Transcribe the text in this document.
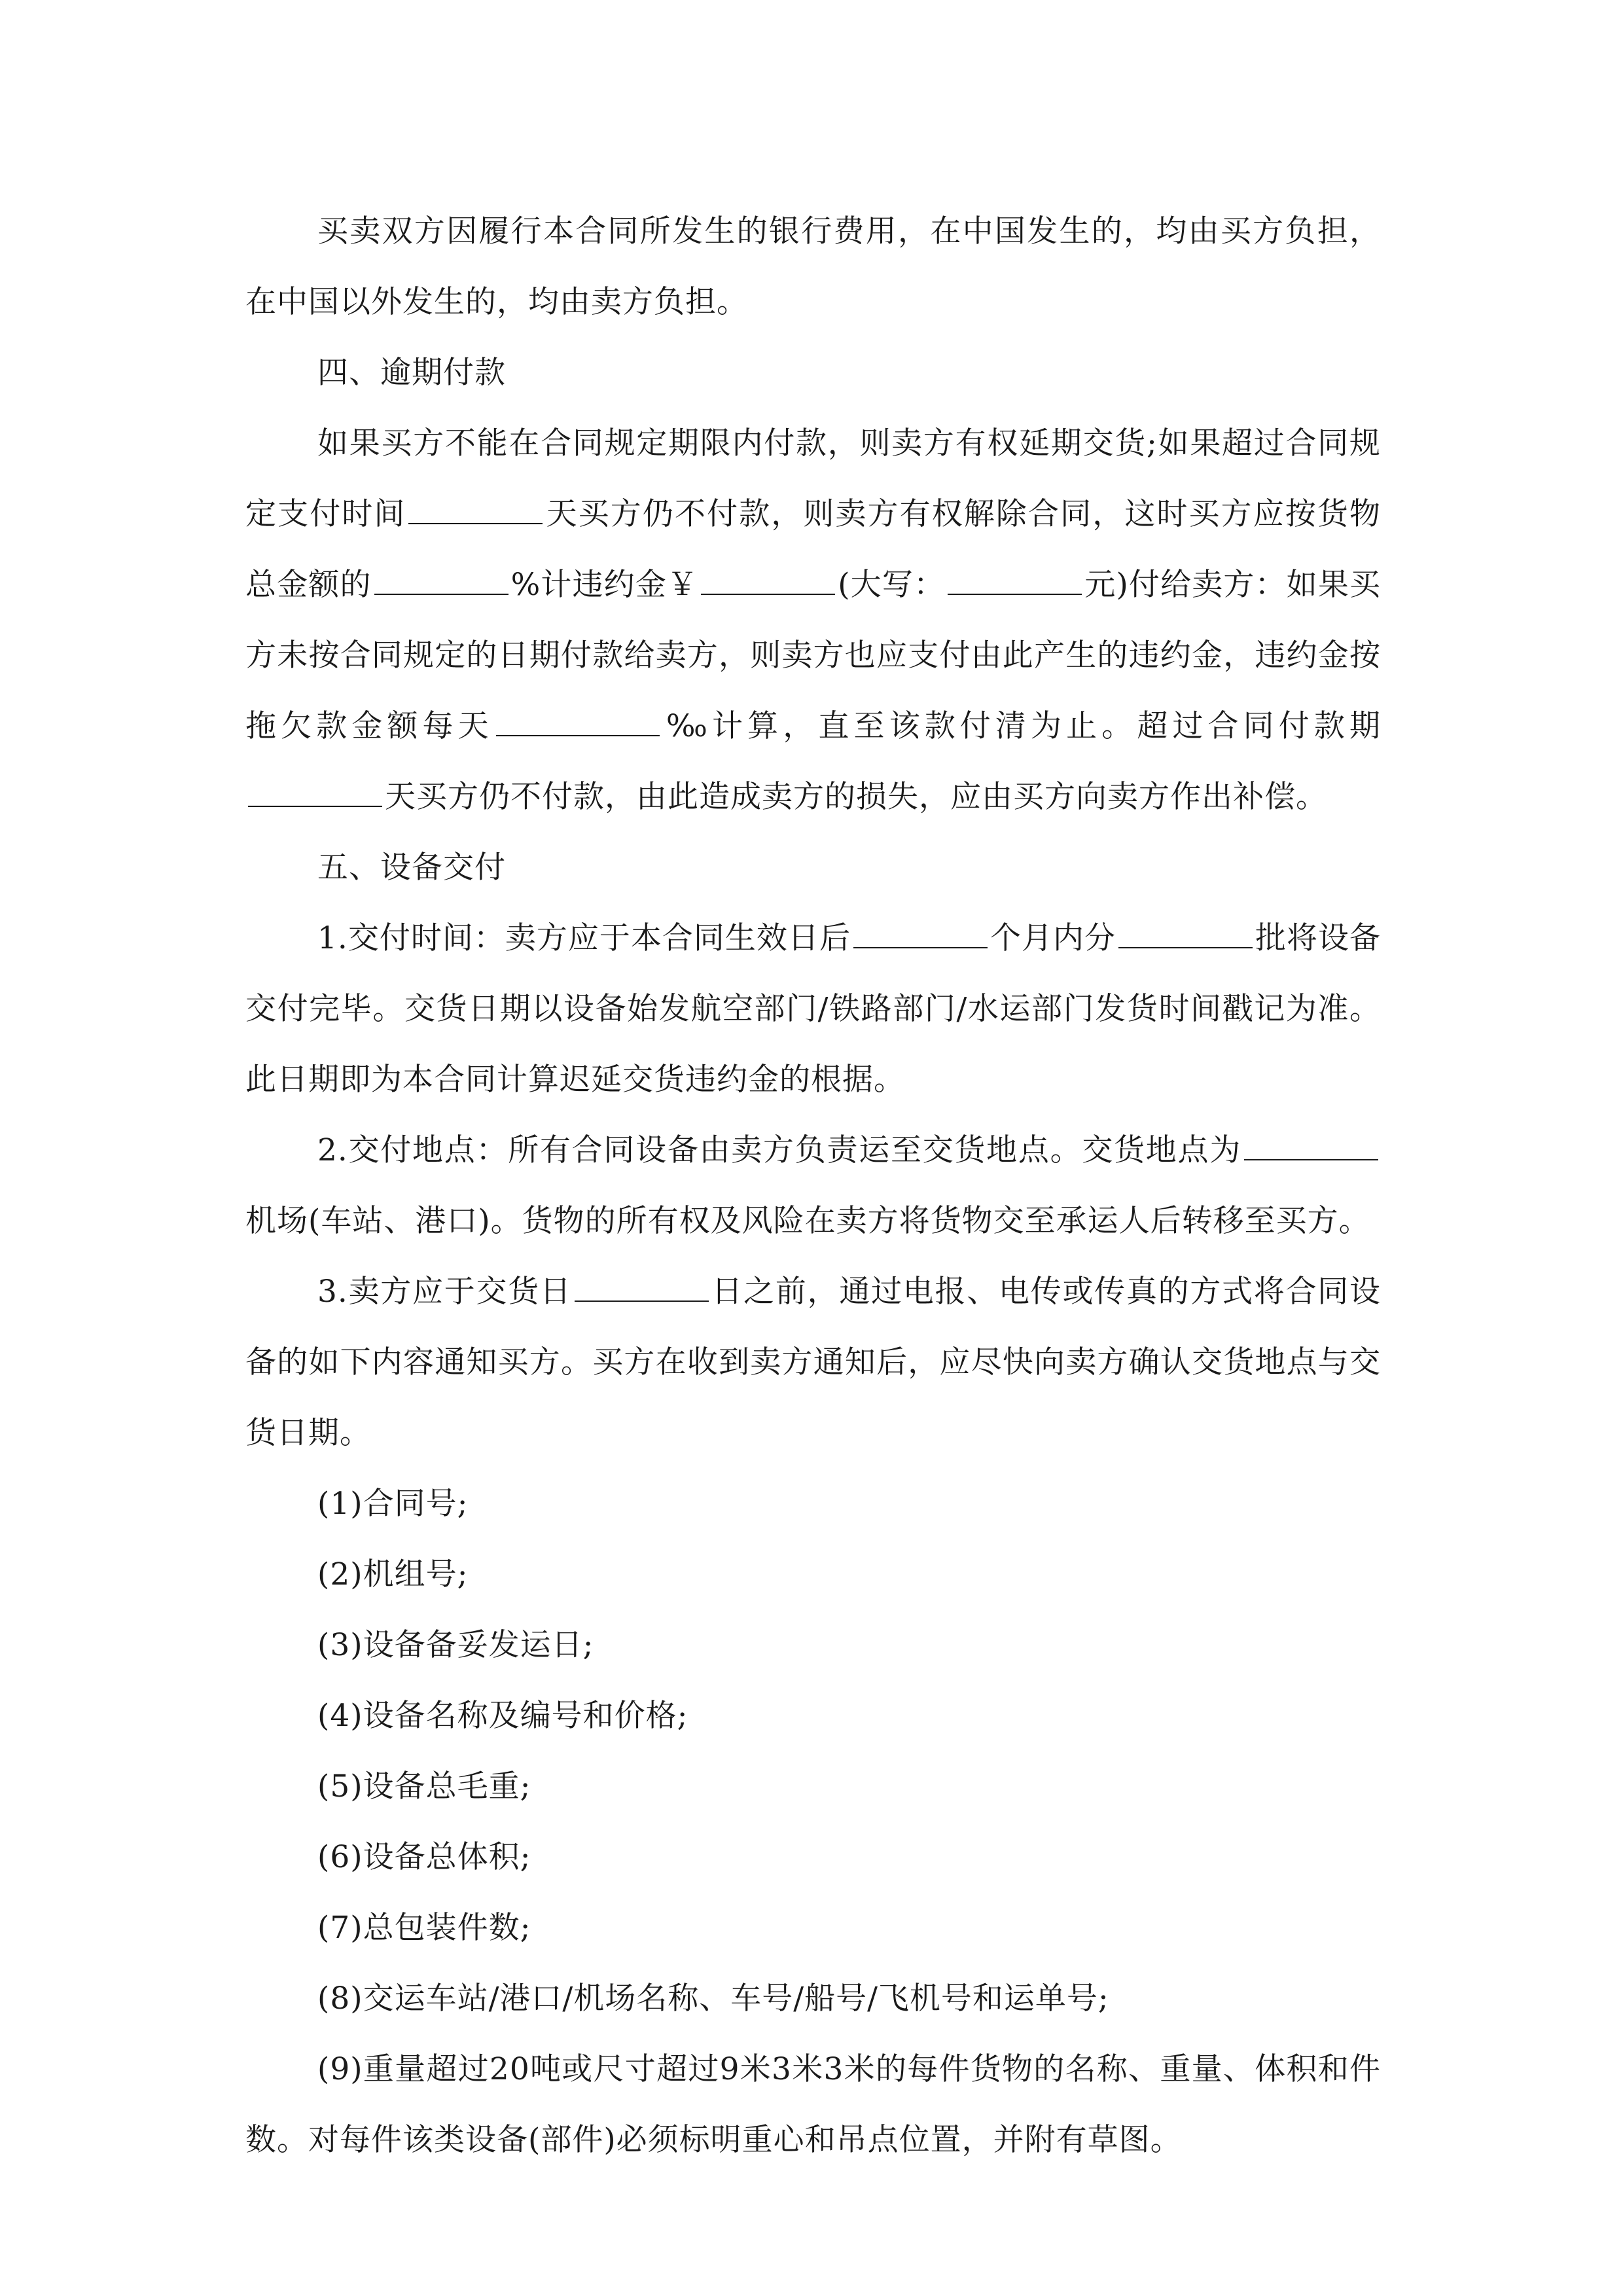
买卖双方因履行本合同所发生的银行费用，在中国发生的，均由买方负担，在中国以外发生的，均由卖方负担。

四、逾期付款

如果买方不能在合同规定期限内付款，则卖方有权延期交货;如果超过合同规定支付时间	天买方仍不付款，则卖方有权解除合同，这时买方应按货物总金额的	%计违约金￥	(大写：	元)付给卖方：如果买方未按合同规定的日期付款给卖方，则卖方也应支付由此产生的违约金，违约金按拖欠款金额每天	‰计算，直至该款付清为止。超过合同付款期天买方仍不付款，由此造成卖方的损失，应由买方向卖方作出补偿。

五、设备交付

1.交付时间：卖方应于本合同生效日后	个月内分	批将设备交付完毕。交货日期以设备始发航空部门/铁路部门/水运部门发货时间戳记为准。此日期即为本合同计算迟延交货违约金的根据。

2.交付地点：所有合同设备由卖方负责运至交货地点。交货地点为机场(车站、港口)。货物的所有权及风险在卖方将货物交至承运人后转移至买方。

3.卖方应于交货日	日之前，通过电报、电传或传真的方式将合同设备的如下内容通知买方。买方在收到卖方通知后，应尽快向卖方确认交货地点与交货日期。

(1)合同号;

(2)机组号;

(3)设备备妥发运日;

(4)设备名称及编号和价格;

(5)设备总毛重;

(6)设备总体积;

(7)总包装件数;

(8)交运车站/港口/机场名称、车号/船号/飞机号和运单号;

(9)重量超过20吨或尺寸超过9米3米3米的每件货物的名称、重量、体积和件数。对每件该类设备(部件)必须标明重心和吊点位置，并附有草图。
